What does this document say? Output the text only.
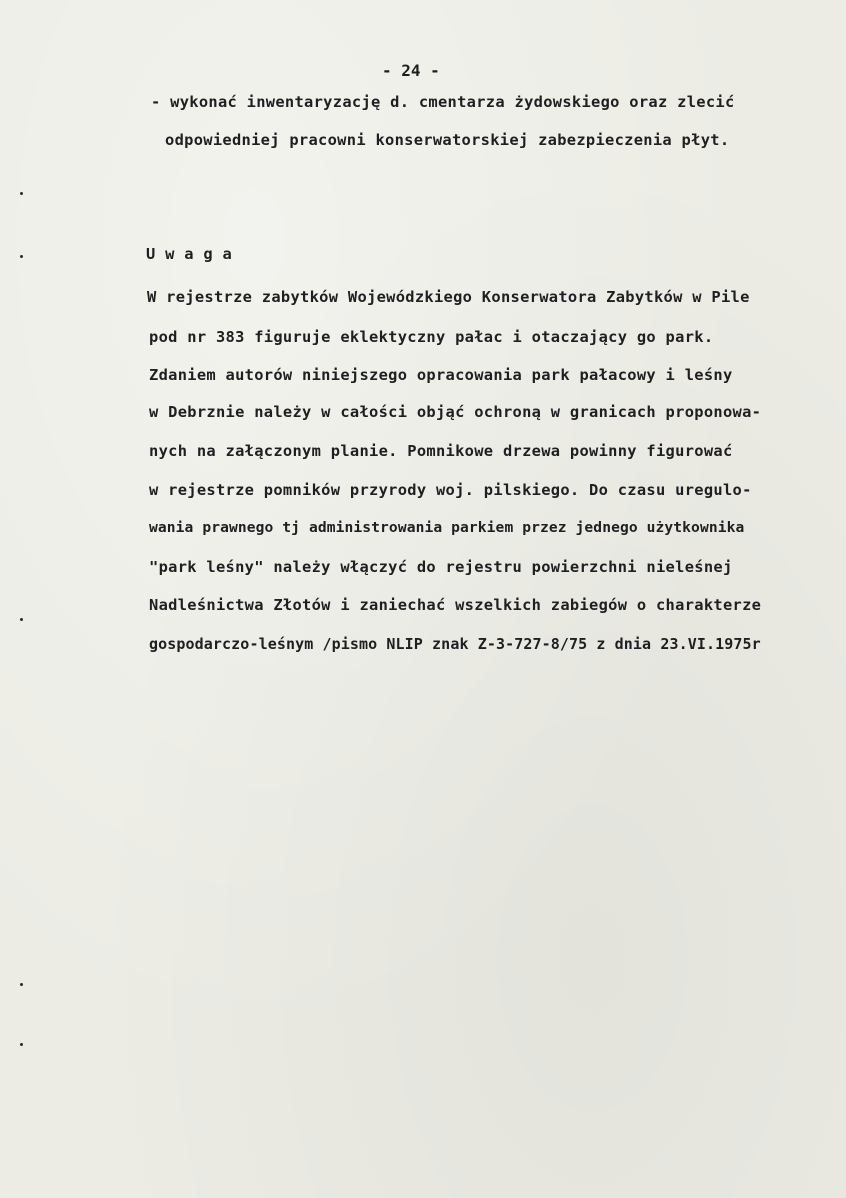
- 24 -
- wykonać inwentaryzację d. cmentarza żydowskiego oraz zlecić
odpowiedniej pracowni konserwatorskiej zabezpieczenia płyt.
U w a g a
W rejestrze zabytków Wojewódzkiego Konserwatora Zabytków w Pile
pod nr 383 figuruje eklektyczny pałac i otaczający go park.
Zdaniem autorów niniejszego opracowania park pałacowy i leśny
w Debrznie należy w całości objąć ochroną w granicach proponowa-
nych na załączonym planie. Pomnikowe drzewa powinny figurować
w rejestrze pomników przyrody woj. pilskiego. Do czasu uregulo-
wania prawnego tj administrowania parkiem przez jednego użytkownika
"park leśny" należy włączyć do rejestru powierzchni nieleśnej
Nadleśnictwa Złotów i zaniechać wszelkich zabiegów o charakterze
gospodarczo-leśnym /pismo NLIP znak Z-3-727-8/75 z dnia 23.VI.1975r
